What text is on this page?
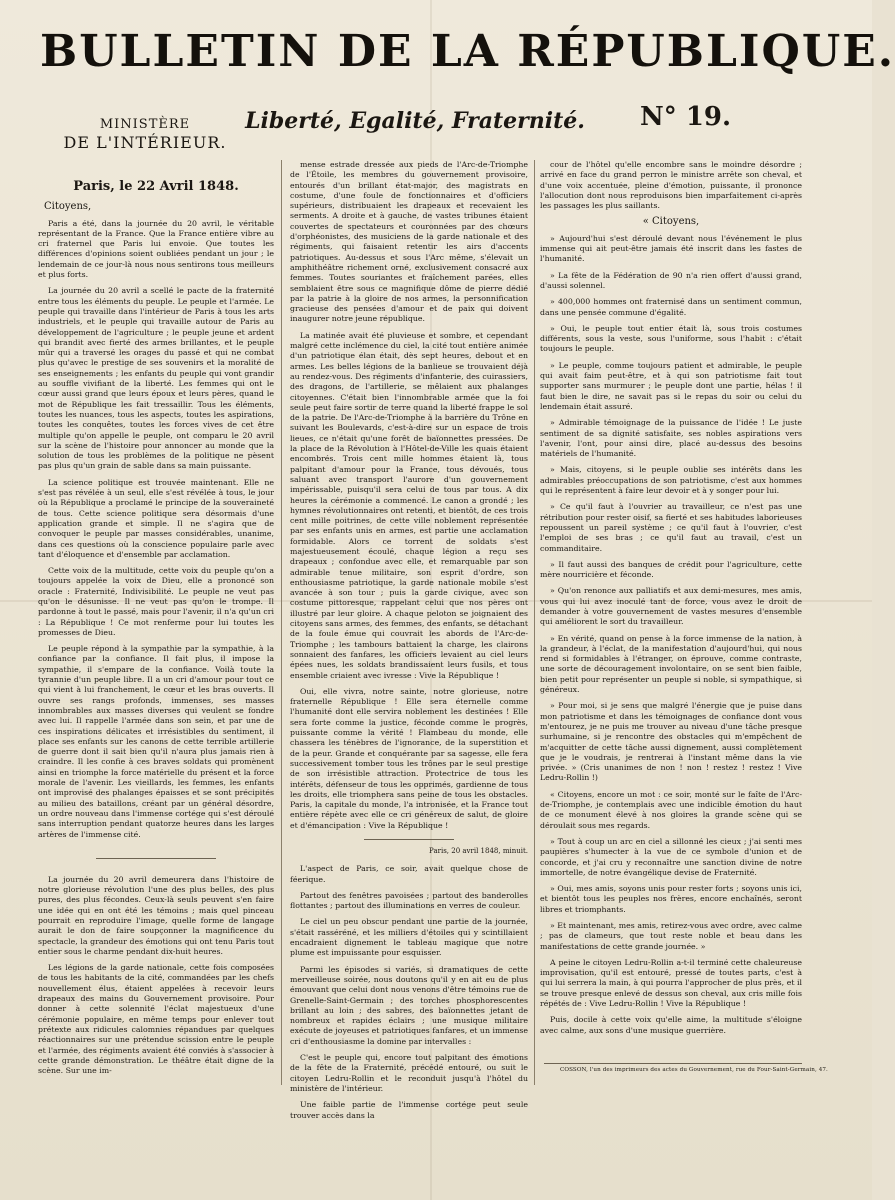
BULLETIN DE LA RÉPUBLIQUE.
MINISTÈRE
DE L'INTÉRIEUR.
Liberté, Egalité, Fraternité. N° 19.

Paris, le 22 Avril 1848.

Citoyens,

Paris a été, dans la journée du 20 avril, le véritable représentant de la France. Que la France entière vibre au cri fraternel que Paris lui envoie. Que toutes les différences d'opinions soient oubliées pendant un jour ; le lendemain de ce jour-là nous nous sentirons tous meilleurs et plus forts.

La journée du 20 avril a scellé le pacte de la fraternité entre tous les éléments du peuple. Le peuple et l'armée. Le peuple qui travaille dans l'intérieur de Paris à tous les arts industriels, et le peuple qui travaille autour de Paris au développement de l'agriculture ; le peuple jeune et ardent qui brandit avec fierté des armes brillantes, et le peuple mûr qui a traversé les orages du passé et qui ne combat plus qu'avec le prestige de ses souvenirs et la moralité de ses enseignements ; les enfants du peuple qui vont grandir au souffle vivifiant de la liberté. Les femmes qui ont le cœur aussi grand que leurs époux et leurs pères, quand le mot de République les fait tressaillir. Tous les éléments, toutes les nuances, tous les aspects, toutes les aspirations, toutes les conquêtes, toutes les forces vives de cet être multiple qu'on appelle le peuple, ont comparu le 20 avril sur la scène de l'histoire pour annoncer au monde que la solution de tous les problèmes de la politique ne pèsent pas plus qu'un grain de sable dans sa main puissante.

La science politique est trouvée maintenant. Elle ne s'est pas révélée à un seul, elle s'est révélée à tous, le jour où la République a proclamé le principe de la souveraineté de tous. Cette science politique sera désormais d'une application grande et simple. Il ne s'agira que de convoquer le peuple par masses considérables, unanime, dans ces questions où la conscience populaire parle avec tant d'éloquence et d'ensemble par acclamation.

Cette voix de la multitude, cette voix du peuple qu'on a toujours appelée la voix de Dieu, elle a prononcé son oracle : Fraternité, Indivisibilité. Le peuple ne veut pas qu'on le désunisse. Il ne veut pas qu'on le trompe. Il pardonne à tout le passé, mais pour l'avenir, il n'a qu'un cri : La République ! Ce mot renferme pour lui toutes les promesses de Dieu.

Le peuple répond à la sympathie par la sympathie, à la confiance par la confiance. Il fait plus, il impose la sympathie, il s'empare de la confiance. Voilà toute la tyrannie d'un peuple libre. Il a un cri d'amour pour tout ce qui vient à lui franchement, le cœur et les bras ouverts. Il ouvre ses rangs profonds, immenses, ses masses innombrables aux masses diverses qui veulent se fondre avec lui. Il rappelle l'armée dans son sein, et par une de ces inspirations délicates et irrésistibles du sentiment, il place ses enfants sur les canons de cette terrible artillerie de guerre dont il sait bien qu'il n'aura plus jamais rien à craindre. Il les confie à ces braves soldats qui promènent ainsi en triomphe la force matérielle du présent et la force morale de l'avenir. Les vieillards, les femmes, les enfants ont improvisé des phalanges épaisses et se sont précipités au milieu des bataillons, créant par un général désordre, un ordre nouveau dans l'immense cortége qui s'est déroulé sans interruption pendant quatorze heures dans les larges artères de l'immense cité.

La journée du 20 avril demeurera dans l'histoire de notre glorieuse révolution l'une des plus belles, des plus pures, des plus fécondes. Ceux-là seuls peuvent s'en faire une idée qui en ont été les témoins ; mais quel pinceau pourrait en reproduire l'image, quelle forme de langage aurait le don de faire soupçonner la magnificence du spectacle, la grandeur des émotions qui ont tenu Paris tout entier sous le charme pendant dix-huit heures.

Les légions de la garde nationale, cette fois composées de tous les habitants de la cité, commandées par les chefs nouvellement élus, étaient appelées à recevoir leurs drapeaux des mains du Gouvernement provisoire. Pour donner à cette solennité l'éclat majestueux d'une cérémonie populaire, en même temps pour enlever tout prétexte aux ridicules calomnies répandues par quelques réactionnaires sur une prétendue scission entre le peuple et l'armée, des régiments avaient été conviés à s'associer à cette grande démonstration. Le théâtre était digne de la scène. Sur une im-

mense estrade dressée aux pieds de l'Arc-de-Triomphe de l'Étoile, les membres du gouvernement provisoire, entourés d'un brillant état-major, des magistrats en costume, d'une foule de fonctionnaires et d'officiers supérieurs, distribuaient les drapeaux et recevaient les serments. A droite et à gauche, de vastes tribunes étaient couvertes de spectateurs et couronnées par des chœurs d'orphéonistes, des musiciens de la garde nationale et des régiments, qui faisaient retentir les airs d'accents patriotiques. Au-dessus et sous l'Arc même, s'élevait un amphithéâtre richement orné, exclusivement consacré aux femmes. Toutes souriantes et fraîchement parées, elles semblaient être sous ce magnifique dôme de pierre dédié par la patrie à la gloire de nos armes, la personnification gracieuse des pensées d'amour et de paix qui doivent inaugurer notre jeune république.

La matinée avait été pluvieuse et sombre, et cependant malgré cette inclémence du ciel, la cité tout entière animée d'un patriotique élan était, dès sept heures, debout et en armes. Les belles légions de la banlieue se trouvaient déjà au rendez-vous. Des régiments d'infanterie, des cuirassiers, des dragons, de l'artillerie, se mêlaient aux phalanges citoyennes. C'était bien l'innombrable armée que la foi seule peut faire sortir de terre quand la liberté frappe le sol de la patrie. De l'Arc-de-Triomphe à la barrière du Trône en suivant les Boulevards, c'est-à-dire sur un espace de trois lieues, ce n'était qu'une forêt de baïonnettes pressées. De la place de la Révolution à l'Hôtel-de-Ville les quais étaient encombrés. Trois cent mille hommes étaient là, tous palpitant d'amour pour la France, tous dévoués, tous saluant avec transport l'aurore d'un gouvernement impérissable, puisqu'il sera celui de tous par tous. A dix heures la cérémonie a commencé. Le canon a grondé ; les hymnes révolutionnaires ont retenti, et bientôt, de ces trois cent mille poitrines, de cette ville noblement représentée par ses enfants unis en armes, est partie une acclamation formidable. Alors ce torrent de soldats s'est majestueusement écoulé, chaque légion a reçu ses drapeaux ; confondue avec elle, et remarquable par son admirable tenue militaire, son esprit d'ordre, son enthousiasme patriotique, la garde nationale mobile s'est avancée à son tour ; puis la garde civique, avec son costume pittoresque, rappelant celui que nos pères ont illustré par leur gloire. A chaque peloton se joignaient des citoyens sans armes, des femmes, des enfants, se détachant de la foule émue qui couvrait les abords de l'Arc-de-Triomphe ; les tambours battaient la charge, les clairons sonnaient des fanfares, les officiers levaient au ciel leurs épées nues, les soldats brandissaient leurs fusils, et tous ensemble criaient avec ivresse : Vive la République !

Oui, elle vivra, notre sainte, notre glorieuse, notre fraternelle République ! Elle sera éternelle comme l'humanité dont elle servira noblement les destinées ! Elle sera forte comme la justice, féconde comme le progrès, puissante comme la vérité ! Flambeau du monde, elle chassera les ténèbres de l'ignorance, de la superstition et de la peur. Grande et conquérante par sa sagesse, elle fera successivement tomber tous les trônes par le seul prestige de son irrésistible attraction. Protectrice de tous les intérêts, défenseur de tous les opprimés, gardienne de tous les droits, elle triomphera sans peine de tous les obstacles. Paris, la capitale du monde, l'a intronisée, et la France tout entière répète avec elle ce cri généreux de salut, de gloire et d'émancipation : Vive la République !

Paris, 20 avril 1848, minuit.

L'aspect de Paris, ce soir, avait quelque chose de féerique.

Partout des fenêtres pavoisées ; partout des banderolles flottantes ; partout des illuminations en verres de couleur.

Le ciel un peu obscur pendant une partie de la journée, s'était rasséréné, et les milliers d'étoiles qui y scintillaient encadraient dignement le tableau magique que notre plume est impuissante pour esquisser.

Parmi les épisodes si variés, si dramatiques de cette merveilleuse soirée, nous doutons qu'il y en ait eu de plus émouvant que celui dont nous venons d'être témoins rue de Grenelle-Saint-Germain ; des torches phosphorescentes brillant au loin ; des sabres, des baïonnettes jetant de nombreux et rapides éclairs ; une musique militaire exécute de joyeuses et patriotiques fanfares, et un immense cri d'enthousiasme la domine par intervalles :

C'est le peuple qui, encore tout palpitant des émotions de la fête de la Fraternité, précédé entouré, ou suit le citoyen Ledru-Rollin et le reconduit jusqu'à l'hôtel du ministère de l'intérieur.

Une faible partie de l'immense cortége peut seule trouver accès dans la

cour de l'hôtel qu'elle encombre sans le moindre désordre ; arrivé en face du grand perron le ministre arrête son cheval, et d'une voix accentuée, pleine d'émotion, puissante, il prononce l'allocution dont nous reproduisons bien imparfaitement ci-après les passages les plus saillants.

« Citoyens,

» Aujourd'hui s'est déroulé devant nous l'événement le plus immense qui ait peut-être jamais été inscrit dans les fastes de l'humanité.

» La fête de la Fédération de 90 n'a rien offert d'aussi grand, d'aussi solennel.

» 400,000 hommes ont fraternisé dans un sentiment commun, dans une pensée commune d'égalité.

» Oui, le peuple tout entier était là, sous trois costumes différents, sous la veste, sous l'uniforme, sous l'habit : c'était toujours le peuple.

» Le peuple, comme toujours patient et admirable, le peuple qui avait faim peut-être, et à qui son patriotisme fait tout supporter sans murmurer ; le peuple dont une partie, hélas ! il faut bien le dire, ne savait pas si le repas du soir ou celui du lendemain était assuré.

» Admirable témoignage de la puissance de l'idée ! Le juste sentiment de sa dignité satisfaite, ses nobles aspirations vers l'avenir, l'ont, pour ainsi dire, placé au-dessus des besoins matériels de l'humanité.

» Mais, citoyens, si le peuple oublie ses intérêts dans les admirables préoccupations de son patriotisme, c'est aux hommes qui le représentent à faire leur devoir et à y songer pour lui.

» Ce qu'il faut à l'ouvrier au travailleur, ce n'est pas une rétribution pour rester oisif, sa fierté et ses habitudes laborieuses repoussent un pareil système ; ce qu'il faut à l'ouvrier, c'est l'emploi de ses bras ; ce qu'il faut au travail, c'est un commanditaire.

» Il faut aussi des banques de crédit pour l'agriculture, cette mère nourricière et féconde.

» Qu'on renonce aux palliatifs et aux demi-mesures, mes amis, vous qui lui avez inoculé tant de force, vous avez le droit de demander à votre gouvernement de vastes mesures d'ensemble qui améliorent le sort du travailleur.

» En vérité, quand on pense à la force immense de la nation, à la grandeur, à l'éclat, de la manifestation d'aujourd'hui, qui nous rend si formidables à l'étranger, on éprouve, comme contraste, une sorte de découragement involontaire, on se sent bien faible, bien petit pour représenter un peuple si noble, si sympathique, si généreux.

» Pour moi, si je sens que malgré l'énergie que je puise dans mon patriotisme et dans les témoignages de confiance dont vous m'entourez, je ne puis me trouver au niveau d'une tâche presque surhumaine, si je rencontre des obstacles qui m'empêchent de m'acquitter de cette tâche aussi dignement, aussi complètement que je le voudrais, je rentrerai à l'instant même dans la vie privée. » (Cris unanimes de non ! non ! restez ! restez ! Vive Ledru-Rollin !)

« Citoyens, encore un mot : ce soir, monté sur le faîte de l'Arc-de-Triomphe, je contemplais avec une indicible émotion du haut de ce monument élevé à nos gloires la grande scène qui se déroulait sous mes regards.

» Tout à coup un arc en ciel a sillonné les cieux ; j'ai senti mes paupières s'humecter à la vue de ce symbole d'union et de concorde, et j'ai cru y reconnaître une sanction divine de notre immortelle, de notre évangélique devise de Fraternité.

» Oui, mes amis, soyons unis pour rester forts ; soyons unis ici, et bientôt tous les peuples nos frères, encore enchaînés, seront libres et triomphants.

» Et maintenant, mes amis, retirez-vous avec ordre, avec calme ; pas de clameurs, que tout reste noble et beau dans les manifestations de cette grande journée. »

A peine le citoyen Ledru-Rollin a-t-il terminé cette chaleureuse improvisation, qu'il est entouré, pressé de toutes parts, c'est à qui lui serrera la main, à qui pourra l'approcher de plus près, et il se trouve presque enlevé de dessus son cheval, aux cris mille fois répétés de : Vive Ledru-Rollin ! Vive la République !

Puis, docile à cette voix qu'elle aime, la multitude s'éloigne avec calme, aux sons d'une musique guerrière.

COSSON, l'un des imprimeurs des actes du Gouvernement, rue du Four-Saint-Germain, 47.
